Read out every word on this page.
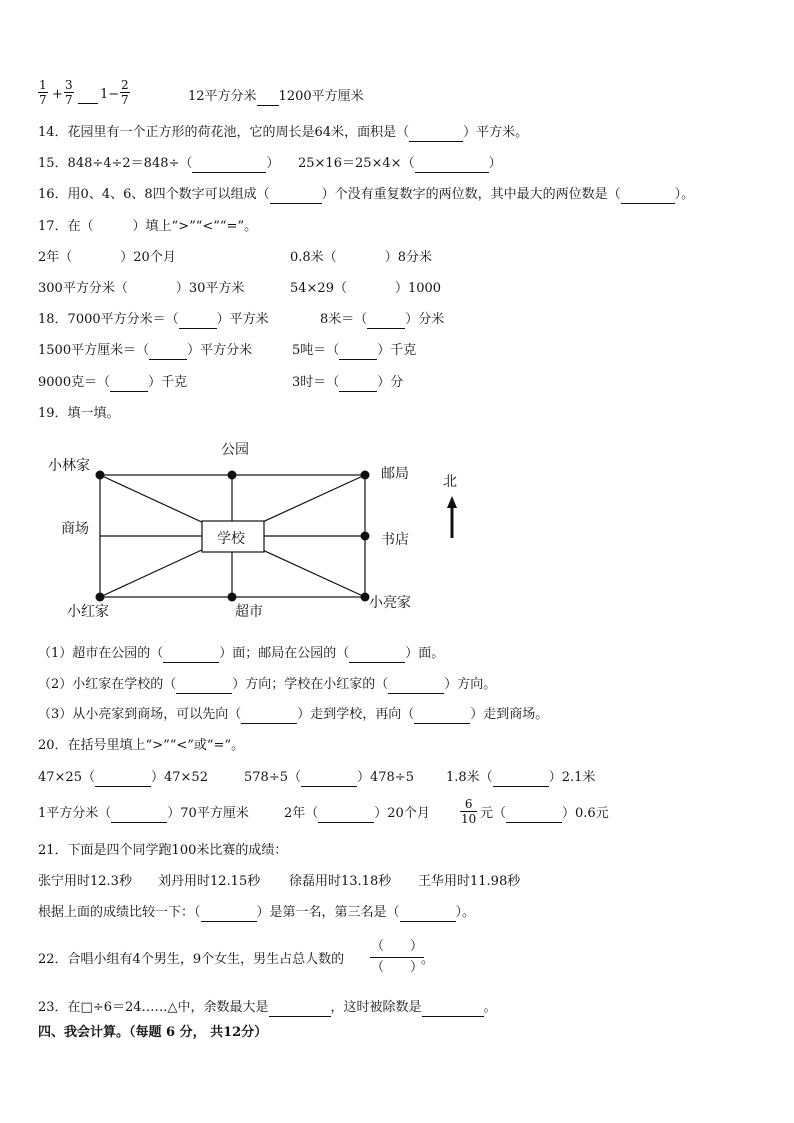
$\frac{1}{7} + \frac{3}{7} 1- \frac{2}{7}$	12平方分米 1200平方厘米
14．花园里有一个正方形的荷花池，它的周长是64米，面积是（	）平方米。
15．848÷4÷2＝848÷（	） 25×16＝25×4×（	）
16．用0、4、6、8四个数字可以组成（	）个没有重复数字的两位数，其中最大的两位数是（	）。
17．在（　　　）填上“>”“<”“=”。
2年（	）20个月	0.8米（	）8分米
300平方分米（	）30平方米	54×29（	）1000
18．7000平方分米＝（	）平方米	8米＝（	）分米
1500平方厘米＝（	）平方分米	5吨＝（	）千克
9000克＝（	）千克	3时＝（	）分
19．填一填。
公园
小林家	邮局
商场
学校	书店
小红家	超市
小亮家
北
（1）超市在公园的（	）面；邮局在公园的（	）面。
（2）小红家在学校的（	）方向；学校在小红家的（	）方向。
（3）从小亮家到商场，可以先向（	）走到学校，再向（	）走到商场。
20．在括号里填上“>”“<”或“=”。
47×25（	）47×52	578÷5（	）478÷5 1.8米（	）2.1米
1平方分米（	）70平方厘米	2年（	）20个月	$\frac{6}{10}$ 元（	）0.6元
21．下面是四个同学跑100米比赛的成绩：
张宁用时12.3秒 刘丹用时12.15秒 徐磊用时13.18秒 王华用时11.98秒
根据上面的成绩比较一下：（	）是第一名，第三名是（	）。
22．合唱小组有4个男生，9个女生，男生占总人数的
（　　）
（　　）
。
23．在□÷6＝24……△中，余数最大是	，这时被除数是	。
四、我会计算。（每题 6 分， 共12分）
